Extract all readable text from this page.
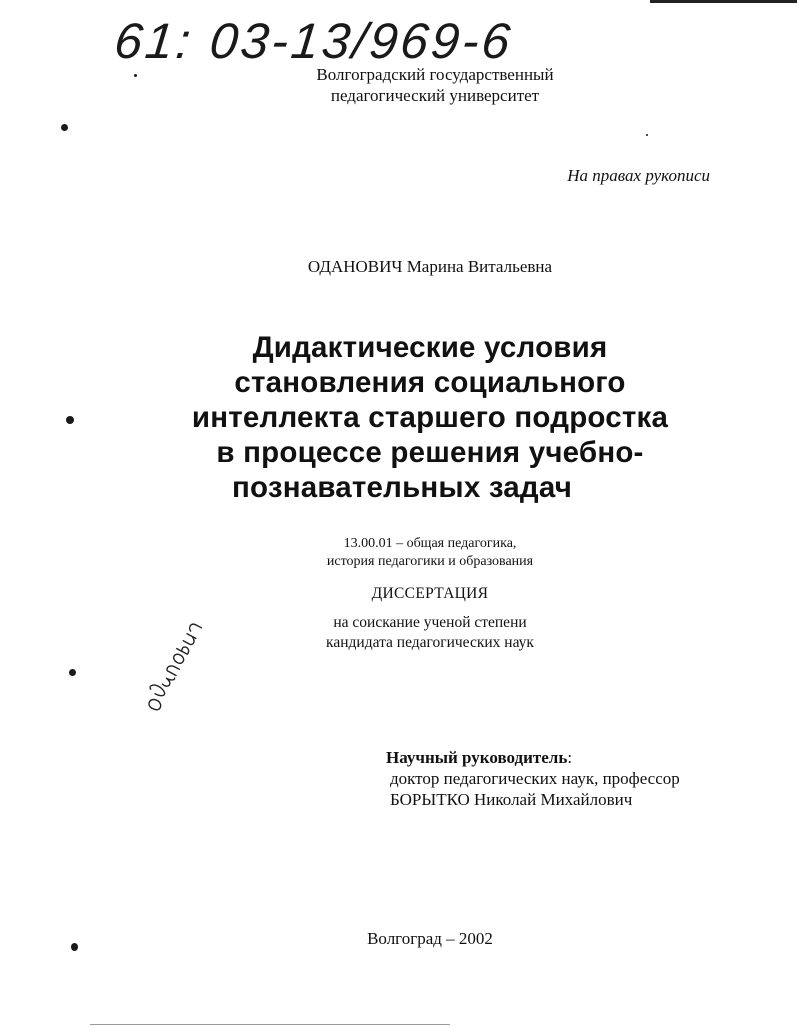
61: 03-13/969-6
Волгоградский государственный
педагогический университет
На правах рукописи
ОДАНОВИЧ Марина Витальевна
Дидактические условия
становления социального
интеллекта старшего подростка
в процессе решения учебно-
познавательных задач
13.00.01 – общая педагогика,
история педагогики и образования
ДИССЕРТАЦИЯ
на соискание ученой степени
кандидата педагогических наук
Научный руководитель:
доктор педагогических наук, профессор
БОРЫТКО Николай Михайлович
Волгоград – 2002
